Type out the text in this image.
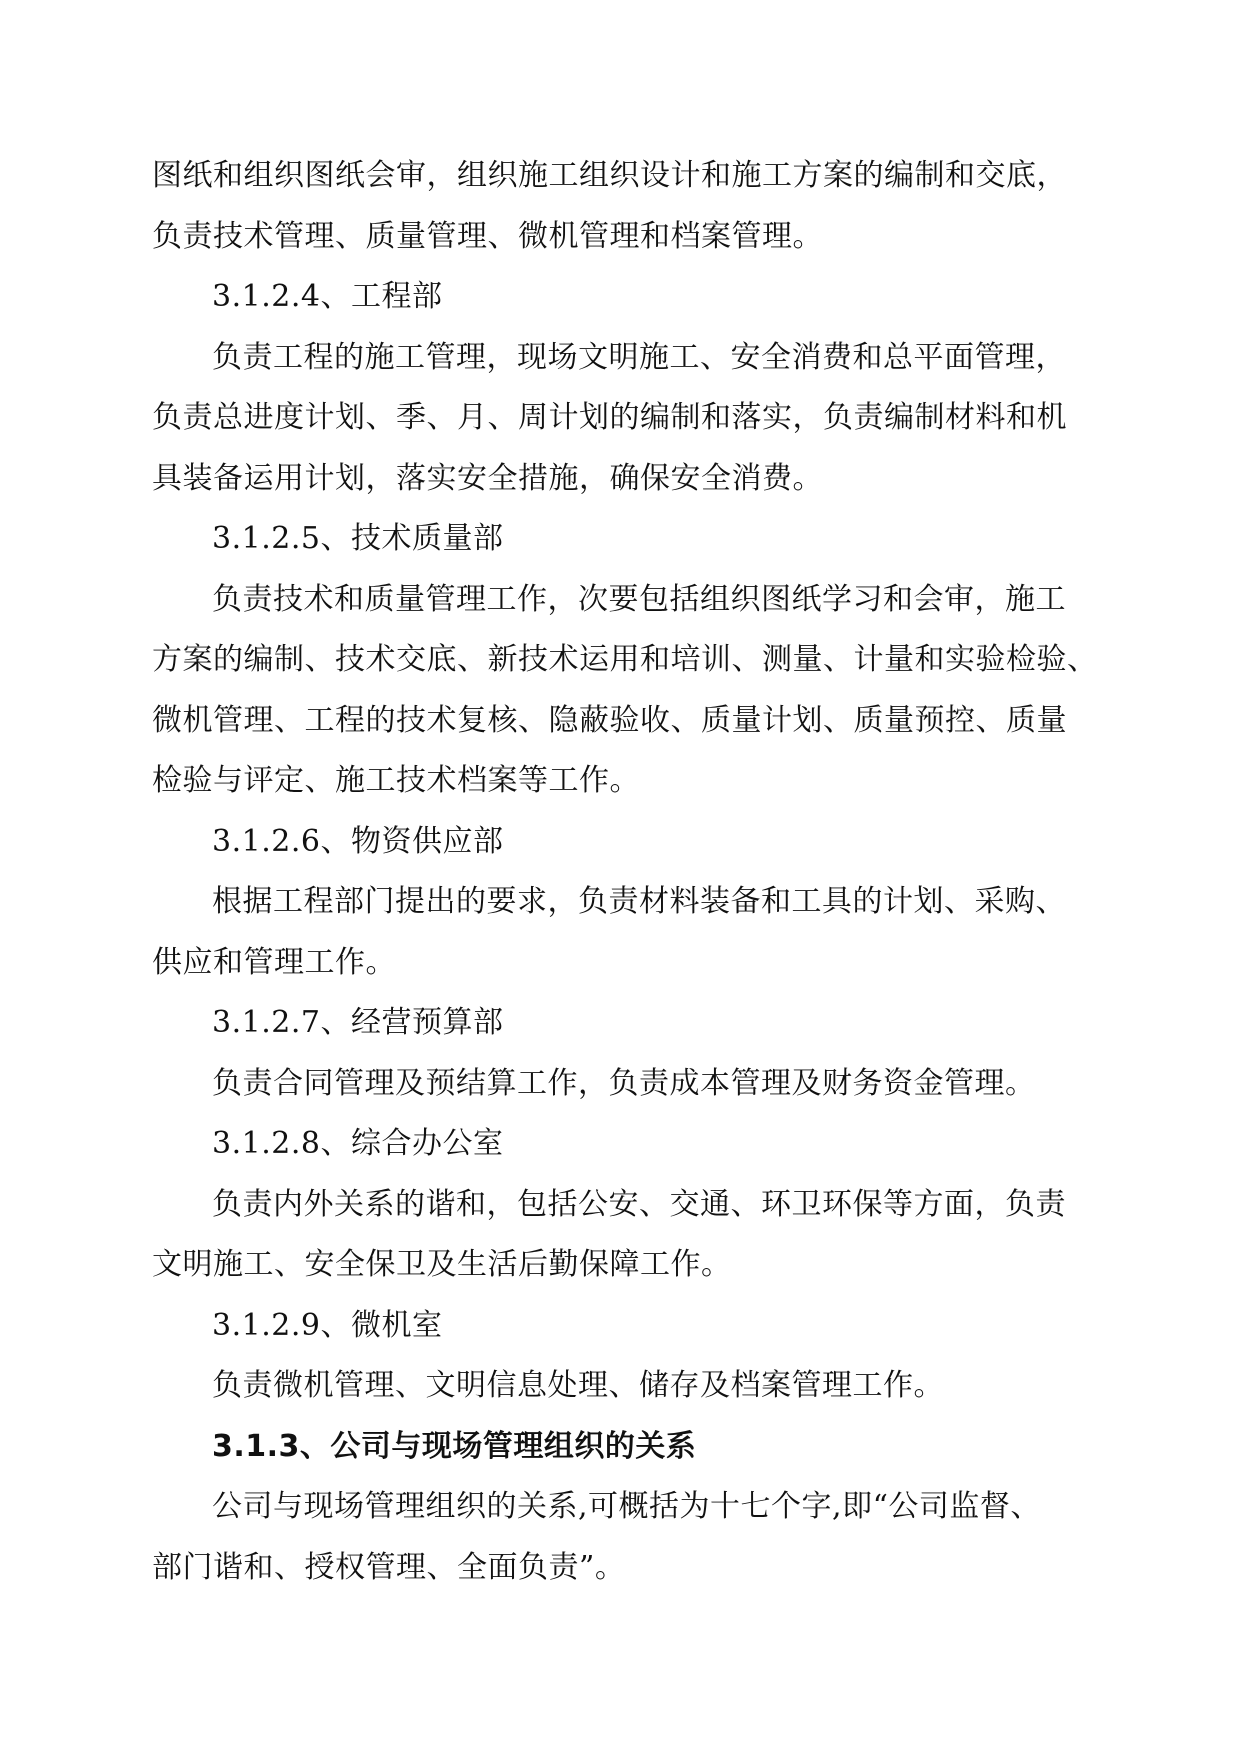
图纸和组织图纸会审，组织施工组织设计和施工方案的编制和交底，
负责技术管理、质量管理、微机管理和档案管理。
3.1.2.4、工程部
负责工程的施工管理，现场文明施工、安全消费和总平面管理，
负责总进度计划、季、月、周计划的编制和落实，负责编制材料和机
具装备运用计划，落实安全措施，确保安全消费。
3.1.2.5、技术质量部
负责技术和质量管理工作，次要包括组织图纸学习和会审，施工
方案的编制、技术交底、新技术运用和培训、测量、计量和实验检验、
微机管理、工程的技术复核、隐蔽验收、质量计划、质量预控、质量
检验与评定、施工技术档案等工作。
3.1.2.6、物资供应部
根据工程部门提出的要求，负责材料装备和工具的计划、采购、
供应和管理工作。
3.1.2.7、经营预算部
负责合同管理及预结算工作，负责成本管理及财务资金管理。
3.1.2.8、综合办公室
负责内外关系的谐和，包括公安、交通、环卫环保等方面，负责
文明施工、安全保卫及生活后勤保障工作。
3.1.2.9、微机室
负责微机管理、文明信息处理、储存及档案管理工作。
3.1.3、公司与现场管理组织的关系
公司与现场管理组织的关系,可概括为十七个字,即“公司监督、
部门谐和、授权管理、全面负责”。
